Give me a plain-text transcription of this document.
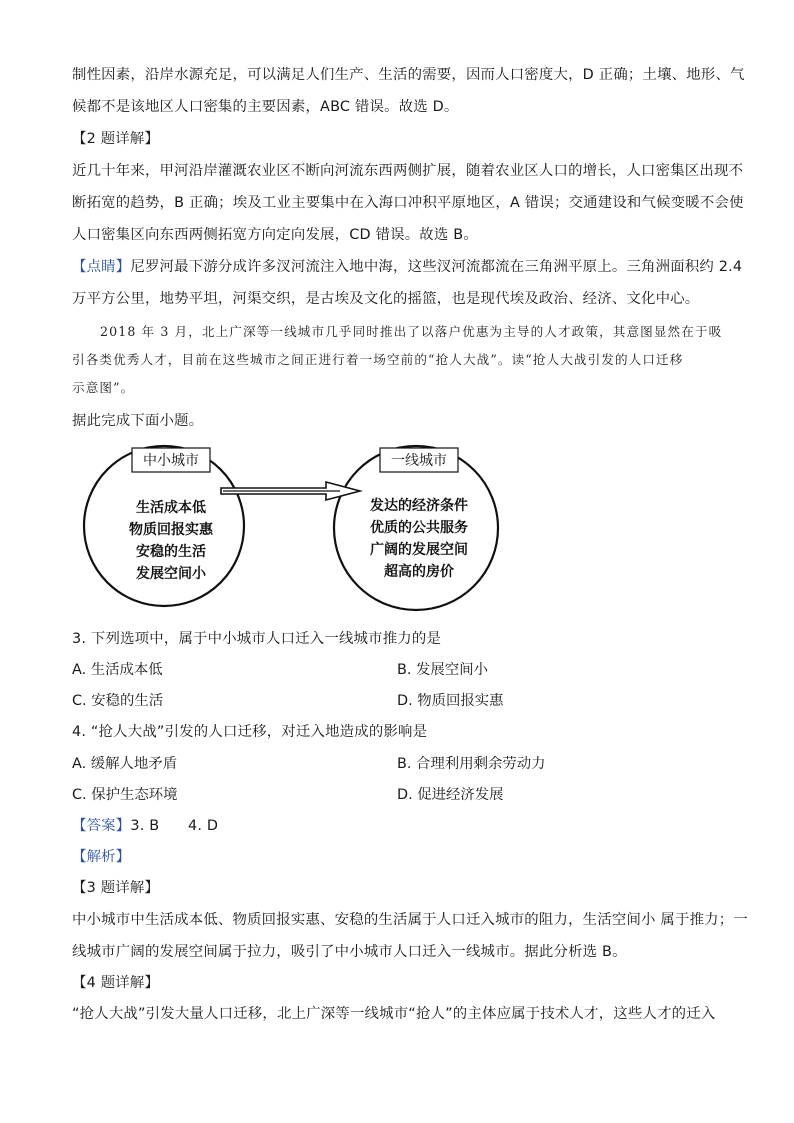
制性因素，沿岸水源充足，可以满足人们生产、生活的需要，因而人口密度大，D 正确；土壤、地形、气
候都不是该地区人口密集的主要因素，ABC 错误。故选 D。
【2 题详解】
近几十年来，甲河沿岸灌溉农业区不断向河流东西两侧扩展，随着农业区人口的增长，人口密集区出现不
断拓宽的趋势，B 正确；埃及工业主要集中在入海口冲积平原地区，A 错误；交通建设和气候变暖不会使
人口密集区向东西两侧拓宽方向定向发展，CD 错误。故选 B。
【点睛】尼罗河最下游分成许多汊河流注入地中海，这些汊河流都流在三角洲平原上。三角洲面积约 2.4
万平方公里，地势平坦，河渠交织，是古埃及文化的摇篮，也是现代埃及政治、经济、文化中心。
2018 年 3 月，北上广深等一线城市几乎同时推出了以落户优惠为主导的人才政策，其意图显然在于吸
引各类优秀人才，目前在这些城市之间正进行着一场空前的“抢人大战”。读“抢人大战引发的人口迁移
示意图”。
据此完成下面小题。
中小城市	一线城市
生活成本低
物质回报实惠
安稳的生活
发展空间小
发达的经济条件
优质的公共服务
广阔的发展空间
超高的房价
3. 下列选项中，属于中小城市人口迁入一线城市推力的是
A. 生活成本低	B. 发展空间小
C. 安稳的生活	D. 物质回报实惠
4. “抢人大战”引发的人口迁移，对迁入地造成的影响是
A. 缓解人地矛盾	B. 合理利用剩余劳动力
C. 保护生态环境	D. 促进经济发展
【答案】3. B      4. D
【解析】
【3 题详解】
中小城市中生活成本低、物质回报实惠、安稳的生活属于人口迁入城市的阻力，生活空间小 属于推力；一
线城市广阔的发展空间属于拉力，吸引了中小城市人口迁入一线城市。据此分析选 B。
【4 题详解】
“抢人大战”引发大量人口迁移，北上广深等一线城市“抢人”的主体应属于技术人才，这些人才的迁入
